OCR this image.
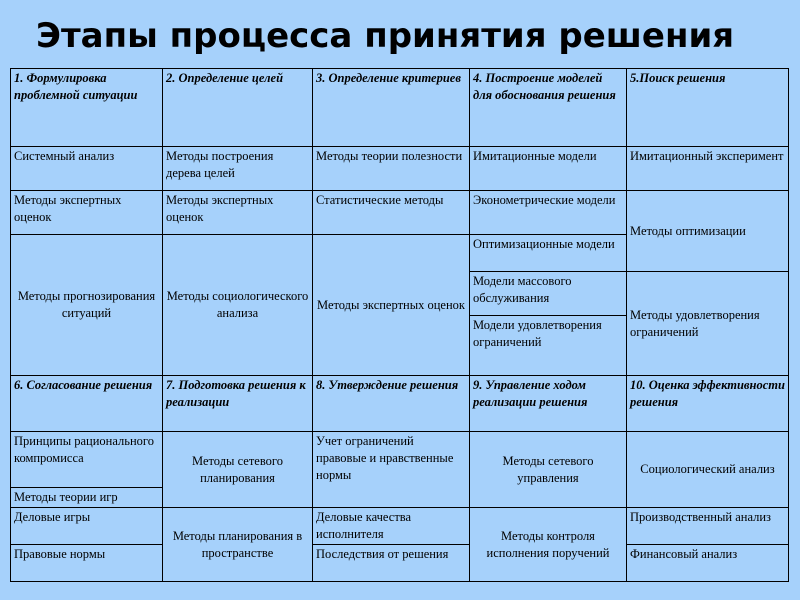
Этапы процесса принятия решения
1. Формулировка проблемной ситуации	2. Определение целей	3. Определение критериев	4. Построение моделей для обоснования решения	5.Поиск решения
Системный анализ	Методы построения дерева целей	Методы теории полезности	Имитационные модели	Имитационный эксперимент
Методы экспертных оценок	Методы экспертных оценок	Статистические методы	Эконометрические модели	Методы оптимизации
Методы прогнозирования ситуаций	Методы социологического анализа	Методы экспертных оценок	Оптимизационные модели	
			Модели массового обслуживания	Методы удовлетворения ограничений
			Модели удовлетворения ограничений	
6. Согласование решения	7. Подготовка решения к реализации	8. Утверждение решения	9. Управление ходом реализации решения	10. Оценка эффективности решения
Принципы рационального компромисса	Методы сетевого планирования	Учет ограничений правовые и нравственные нормы	Методы сетевого управления	Социологический анализ
Методы теории игр				
Деловые игры	Методы планирования в пространстве	Деловые качества исполнителя	Методы контроля исполнения поручений	Производственный анализ
Правовые нормы		Последствия от решения		Финансовый анализ
